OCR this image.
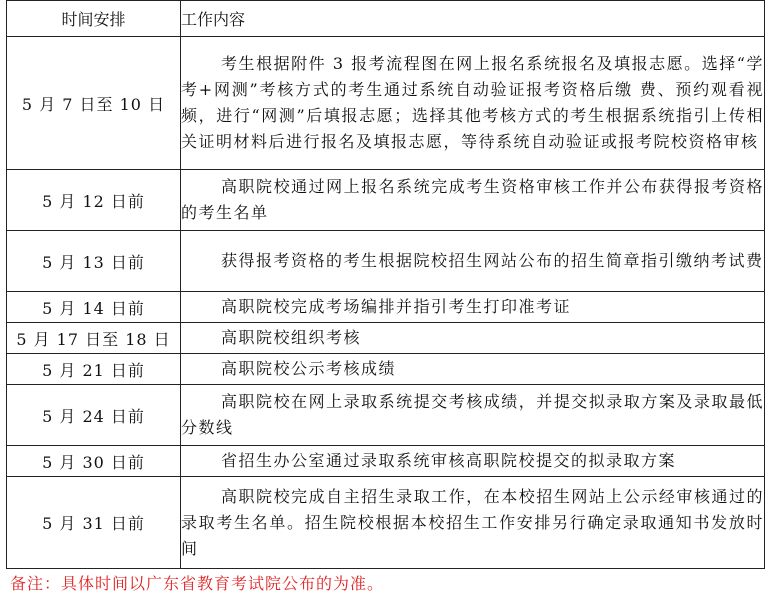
时间安排	工作内容
5 月 7 日至 10 日	考生根据附件 3 报考流程图在网上报名系统报名及填报志愿。选择“学考+网测”考核方式的考生通过系统自动验证报考资格后缴 费、预约观看视频，进行“网测”后填报志愿；选择其他考核方式的考生根据系统指引上传相关证明材料后进行报名及填报志愿，等待系统自动验证或报考院校资格审核
5 月 12 日前	高职院校通过网上报名系统完成考生资格审核工作并公布获得报考资格的考生名单
5 月 13 日前	获得报考资格的考生根据院校招生网站公布的招生简章指引缴纳考试费
5 月 14 日前	高职院校完成考场编排并指引考生打印准考证
5 月 17 日至 18 日	高职院校组织考核
5 月 21 日前	高职院校公示考核成绩
5 月 24 日前	高职院校在网上录取系统提交考核成绩，并提交拟录取方案及录取最低分数线
5 月 30 日前	省招生办公室通过录取系统审核高职院校提交的拟录取方案
5 月 31 日前	高职院校完成自主招生录取工作，在本校招生网站上公示经审核通过的录取考生名单。招生院校根据本校招生工作安排另行确定录取通知书发放时间
备注：具体时间以广东省教育考试院公布的为准。
